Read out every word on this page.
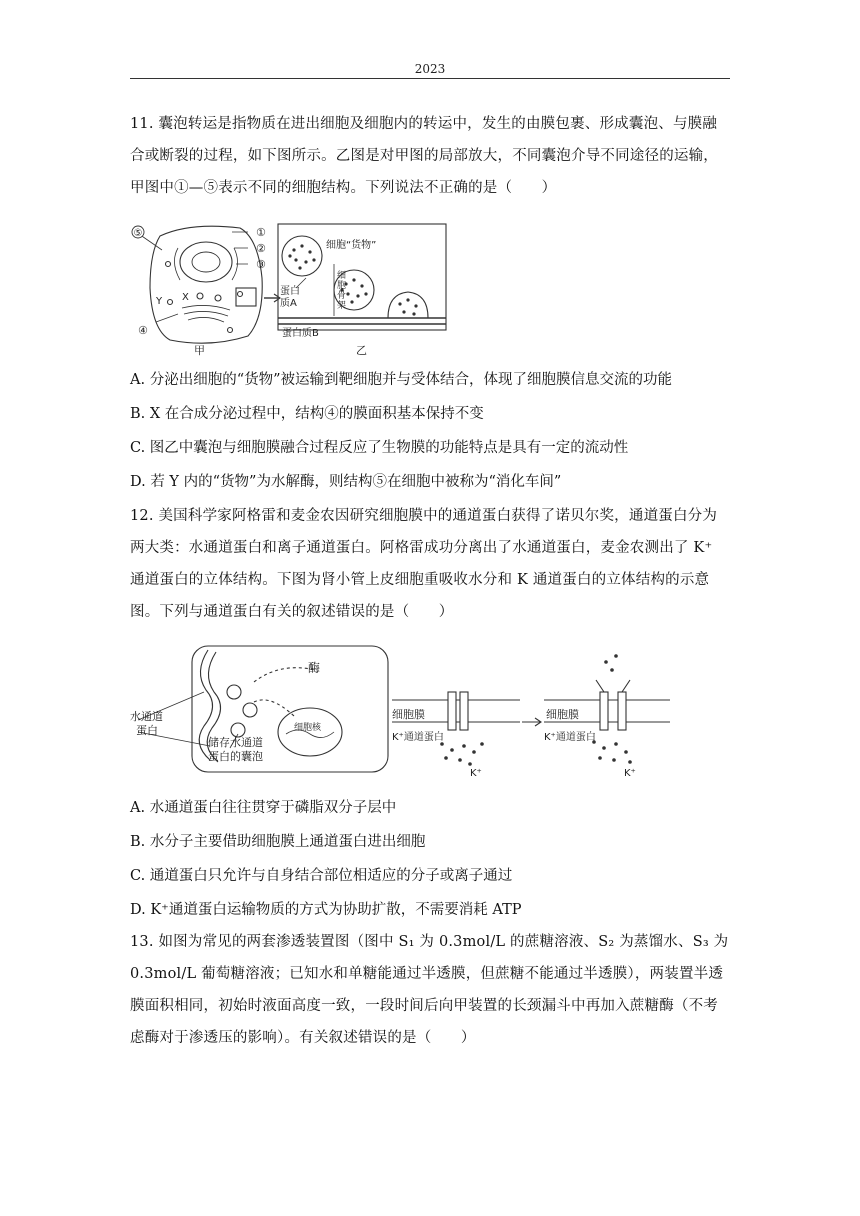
2023
11. 囊泡转运是指物质在进出细胞及细胞内的转运中，发生的由膜包裹、形成囊泡、与膜融
合或断裂的过程，如下图所示。乙图是对甲图的局部放大，不同囊泡介导不同途径的运输，
甲图中①—⑤表示不同的细胞结构。下列说法不正确的是（　　）
⑤	①
②
③
④
X
Y
甲
细胞“货物”
蛋白
质A
细
胞
骨
架
蛋白质B
乙
A. 分泌出细胞的“货物”被运输到靶细胞并与受体结合，体现了细胞膜信息交流的功能
B. X 在合成分泌过程中，结构④的膜面积基本保持不变
C. 图乙中囊泡与细胞膜融合过程反应了生物膜的功能特点是具有一定的流动性
D. 若 Y 内的“货物”为水解酶，则结构⑤在细胞中被称为“消化车间”
12. 美国科学家阿格雷和麦金农因研究细胞膜中的通道蛋白获得了诺贝尔奖，通道蛋白分为
两大类：水通道蛋白和离子通道蛋白。阿格雷成功分离出了水通道蛋白，麦金农测出了 K⁺
通道蛋白的立体结构。下图为肾小管上皮细胞重吸收水分和 K 通道蛋白的立体结构的示意
图。下列与通道蛋白有关的叙述错误的是（　　）
酶
水通道
蛋白
储存水通道
蛋白的囊泡
细胞核
细胞膜
K⁺通道蛋白
K⁺
细胞膜
K⁺通道蛋白
K⁺
A. 水通道蛋白往往贯穿于磷脂双分子层中
B. 水分子主要借助细胞膜上通道蛋白进出细胞
C. 通道蛋白只允许与自身结合部位相适应的分子或离子通过
D. K⁺通道蛋白运输物质的方式为协助扩散，不需要消耗 ATP
13. 如图为常见的两套渗透装置图（图中 S₁ 为 0.3mol/L 的蔗糖溶液、S₂ 为蒸馏水、S₃ 为
0.3mol/L 葡萄糖溶液；已知水和单糖能通过半透膜，但蔗糖不能通过半透膜），两装置半透
膜面积相同，初始时液面高度一致，一段时间后向甲装置的长颈漏斗中再加入蔗糖酶（不考
虑酶对于渗透压的影响）。有关叙述错误的是（　　）
